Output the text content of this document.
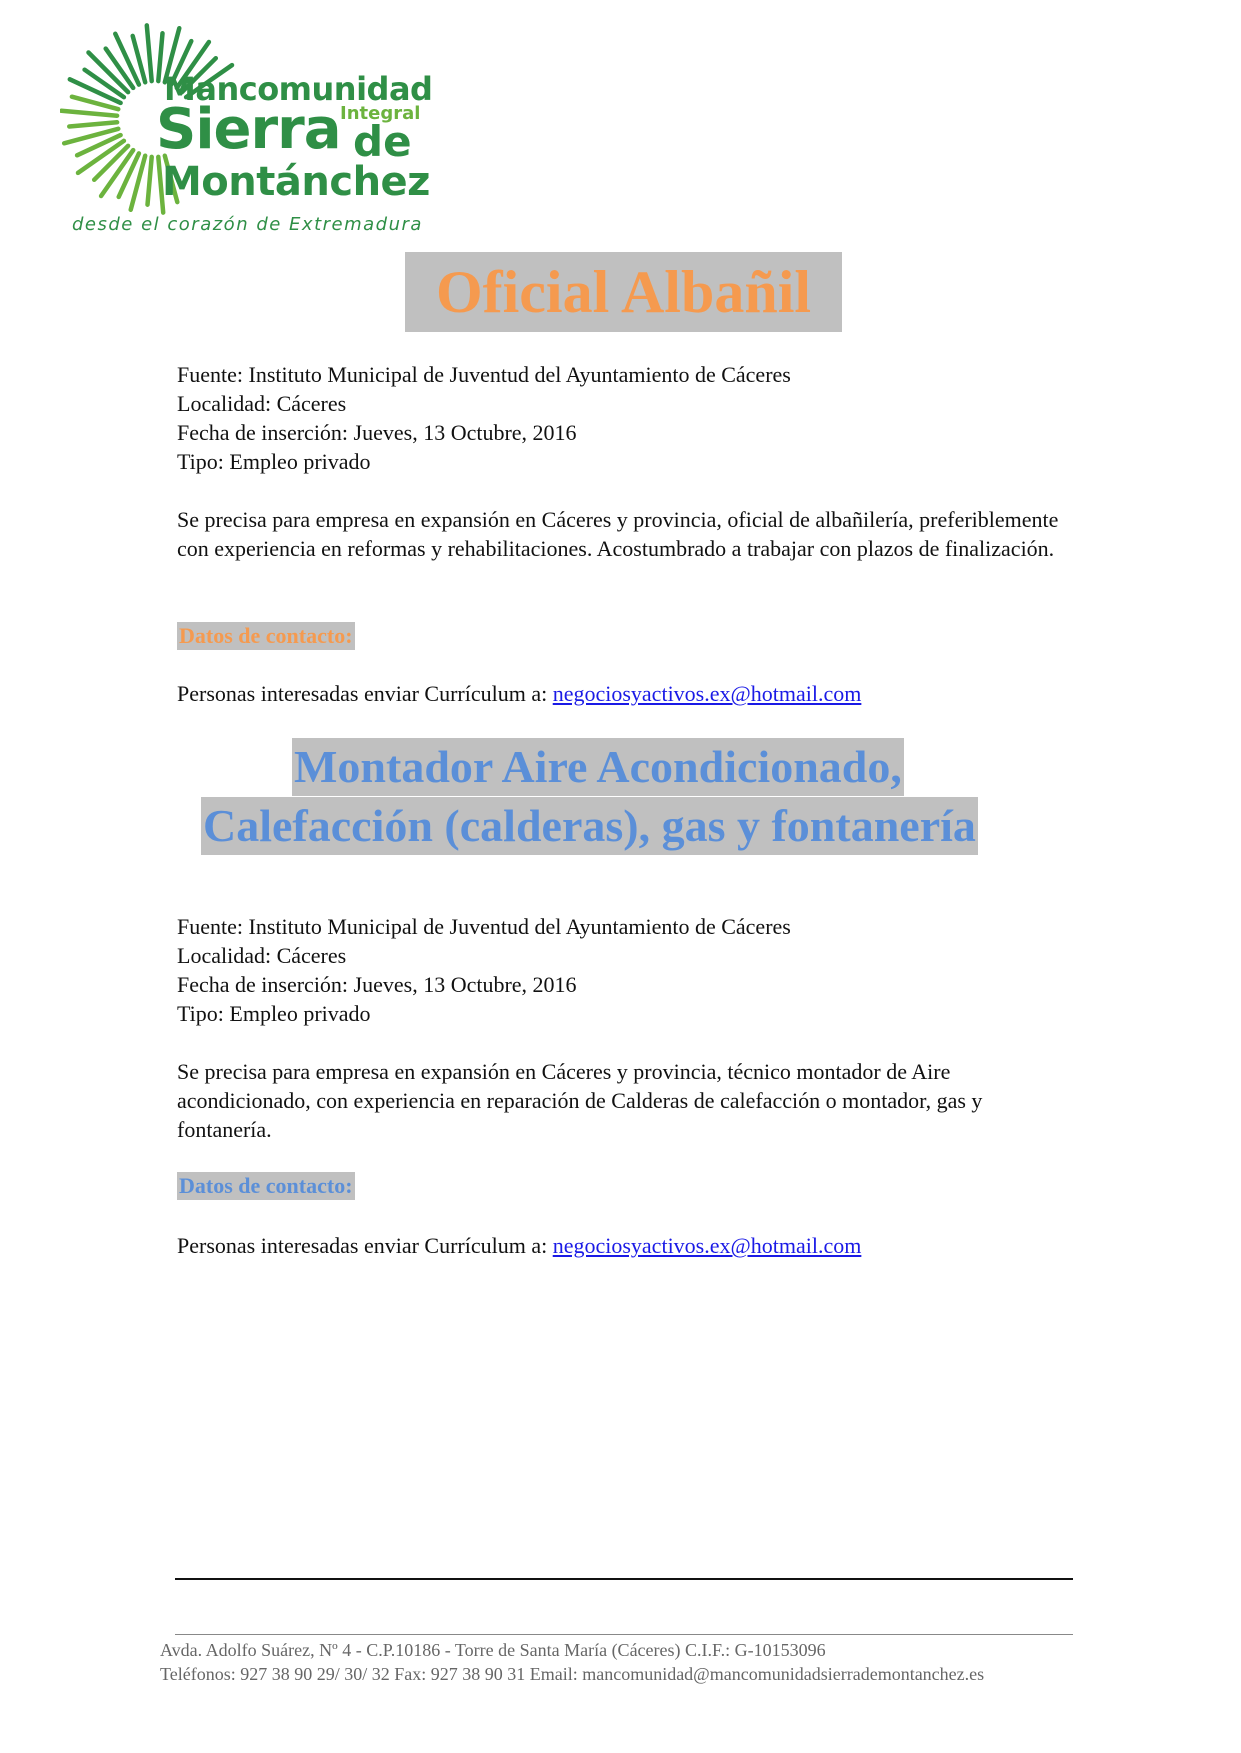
Mancomunidad
Sierra Integral
de
Montánchez
desde el corazón de Extremadura
Oficial Albañil
Fuente: Instituto Municipal de Juventud del Ayuntamiento de Cáceres
Localidad: Cáceres
Fecha de inserción: Jueves, 13 Octubre, 2016
Tipo: Empleo privado
Se precisa para empresa en expansión en Cáceres y provincia, oficial de albañilería, preferiblemente con experiencia en reformas y rehabilitaciones. Acostumbrado a trabajar con plazos de finalización.
Datos de contacto:
Personas interesadas enviar Currículum a: negociosyactivos.ex@hotmail.com
Montador Aire Acondicionado,
Calefacción (calderas), gas y fontanería
Fuente: Instituto Municipal de Juventud del Ayuntamiento de Cáceres
Localidad: Cáceres
Fecha de inserción: Jueves, 13 Octubre, 2016
Tipo: Empleo privado
Se precisa para empresa en expansión en Cáceres y provincia, técnico montador de Aire acondicionado, con experiencia en reparación de Calderas de calefacción o montador, gas y fontanería.
Datos de contacto:
Personas interesadas enviar Currículum a: negociosyactivos.ex@hotmail.com
Avda. Adolfo Suárez, Nº 4 - C.P.10186 - Torre de Santa María (Cáceres) C.I.F.: G-10153096
Teléfonos: 927 38 90 29/ 30/ 32 Fax: 927 38 90 31 Email: mancomunidad@mancomunidadsierrademontanchez.es
